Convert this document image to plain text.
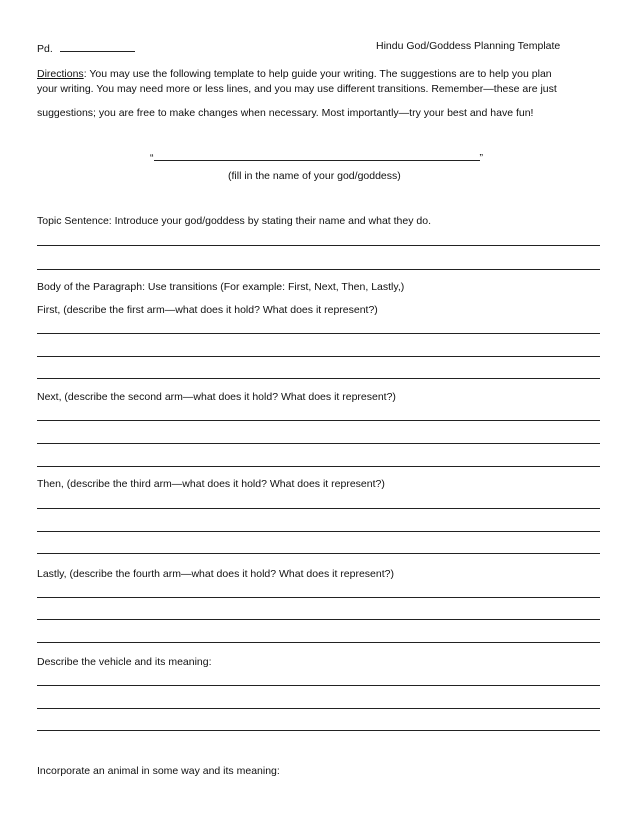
Pd.	Hindu God/Goddess Planning Template
Directions: You may use the following template to help guide your writing. The suggestions are to help you plan
your writing. You may need more or less lines, and you may use different transitions. Remember—these are just
suggestions; you are free to make changes when necessary. Most importantly—try your best and have fun!
“	”
(fill in the name of your god/goddess)
Topic Sentence: Introduce your god/goddess by stating their name and what they do.
Body of the Paragraph: Use transitions (For example: First, Next, Then, Lastly,)
First, (describe the first arm—what does it hold? What does it represent?)
Next, (describe the second arm—what does it hold? What does it represent?)
Then, (describe the third arm—what does it hold? What does it represent?)
Lastly, (describe the fourth arm—what does it hold? What does it represent?)
Describe the vehicle and its meaning:
Incorporate an animal in some way and its meaning:
